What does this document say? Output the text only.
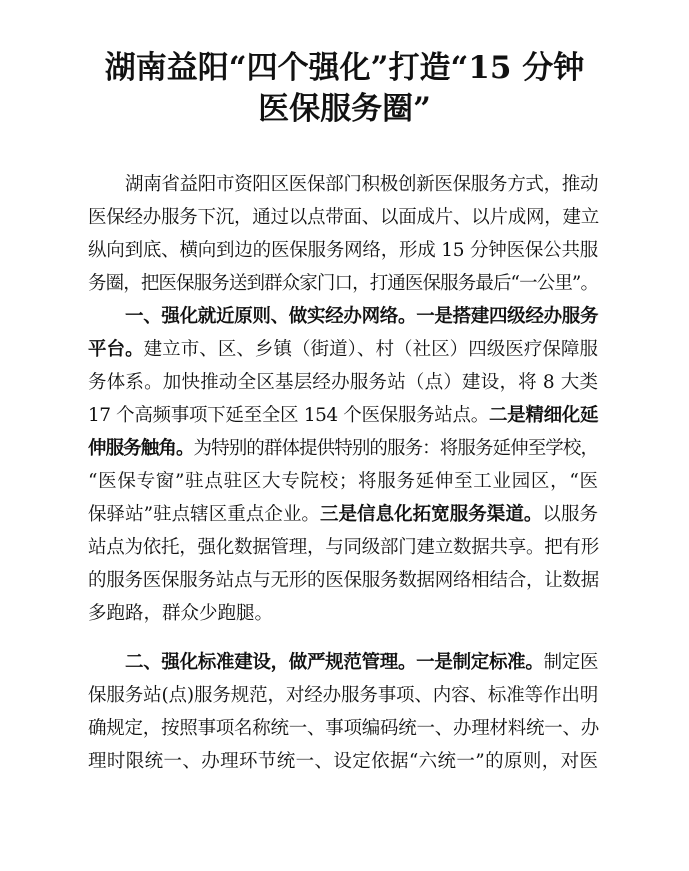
湖南益阳“四个强化”打造“15 分钟
医保服务圈”

湖南省益阳市资阳区医保部门积极创新医保服务方式，推动

医保经办服务下沉，通过以点带面、以面成片、以片成网，建立

纵向到底、横向到边的医保服务网络，形成 15 分钟医保公共服

务圈，把医保服务送到群众家门口，打通医保服务最后“一公里”。

一、强化就近原则、做实经办网络。一是搭建四级经办服务

平台。建立市、区、乡镇（街道）、村（社区）四级医疗保障服

务体系。加快推动全区基层经办服务站（点）建设，将 8 大类

17 个高频事项下延至全区 154 个医保服务站点。二是精细化延

伸服务触角。为特别的群体提供特别的服务：将服务延伸至学校，

“医保专窗”驻点驻区大专院校；将服务延伸至工业园区，“医

保驿站”驻点辖区重点企业。三是信息化拓宽服务渠道。以服务

站点为依托，强化数据管理，与同级部门建立数据共享。把有形

的服务医保服务站点与无形的医保服务数据网络相结合，让数据

多跑路，群众少跑腿。

二、强化标准建设，做严规范管理。一是制定标准。制定医

保服务站(点)服务规范，对经办服务事项、内容、标准等作出明

确规定，按照事项名称统一、事项编码统一、办理材料统一、办

理时限统一、办理环节统一、设定依据“六统一”的原则，对医
